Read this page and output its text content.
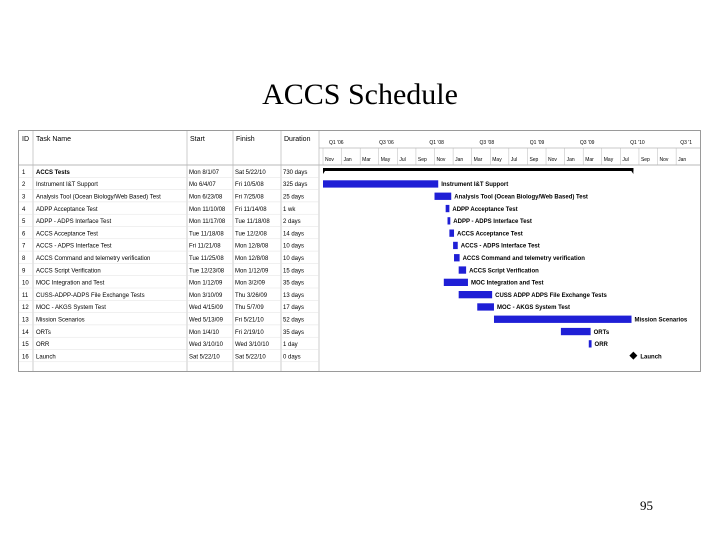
ACCS Schedule
ID Task Name	Start	Finish	Duration	Q1 '06	Q3 '06	Q1 '08	Q3 '08	Q1 '09	Q3 '09	Q1 '10	Q3 '1
Nov Jan Mar May Jul Sep Nov Jan Mar May Jul Sep Nov Jan Mar May Jul Sep Nov Jan
1 ACCS Tests	Mon 8/1/07	Sat 5/22/10	730 days
2 Instrument I&T Support	Mo 6/4/07	Fri 10/5/08	325 days	Instrument I&T Support
3 Analysis Tool (Ocean Biology/Web Based) Test	Mon 6/23/08 Fri 7/25/08	25 days	Analysis Tool (Ocean Biology/Web Based) Test
4 ADPP Acceptance Test	Mon 11/10/08 Fri 11/14/08	1 wk	ADPP Acceptance Test
5 ADPP - ADPS Interface Test	Mon 11/17/08 Tue 11/18/08 2 days	ADPP - ADPS Interface Test
6 ACCS Acceptance Test	Tue 11/18/08 Tue 12/2/08	14 days	ACCS Acceptance Test
7 ACCS - ADPS Interface Test	Fri 11/21/08 Mon 12/8/08 10 days	ACCS - ADPS Interface Test
8 ACCS Command and telemetry verification	Tue 11/25/08 Mon 12/8/08 10 days	ACCS Command and telemetry verification
9 ACCS Script Verification	Tue 12/23/08 Mon 1/12/09 15 days	ACCS Script Verification
10 MOC Integration and Test	Mon 1/12/09 Mon 3/2/09	35 days	MOC Integration and Test
11 CUSS-ADPP-ADPS File Exchange Tests	Mon 3/10/09 Thu 3/26/09	13 days	CUSS ADPP ADPS File Exchange Tests
12 MOC - AKGS System Test	Wed 4/15/09 Thu 5/7/09	17 days	MOC - AKGS System Test
13 Mission Scenarios	Wed 5/13/09 Fri 5/21/10	52 days	Mission Scenarios
14 ORTs	Mon 1/4/10	Fri 2/19/10	35 days	ORTs
15 ORR	Wed 3/10/10 Wed 3/10/10 1 day	ORR
16 Launch	Sat 5/22/10	Sat 5/22/10	0 days	Launch
95
